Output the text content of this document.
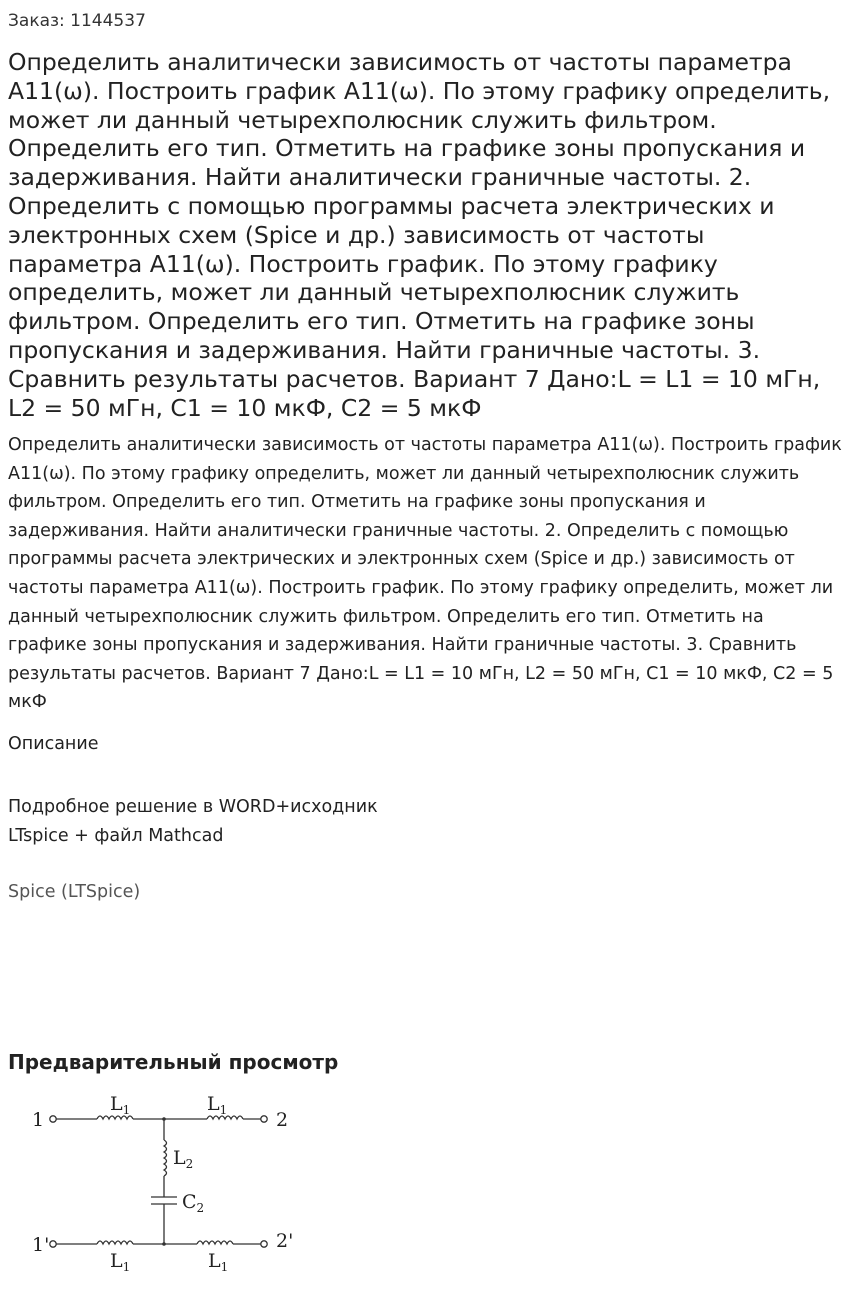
Заказ: 1144537
Определить аналитически зависимость от частоты параметра A11(ω). Построить график A11(ω). По этому графику определить, может ли данный четырехполюсник служить фильтром. Определить его тип. Отметить на графике зоны пропускания и задерживания. Найти аналитически граничные частоты. 2. Определить с помощью программы расчета электрических и электронных схем (Spice и др.) зависимость от частоты параметра A11(ω). Построить график. По этому графику определить, может ли данный четырехполюсник служить фильтром. Определить его тип. Отметить на графике зоны пропускания и задерживания. Найти граничные частоты. 3. Сравнить результаты расчетов. Вариант 7 Дано:L = L1 = 10 мГн, L2 = 50 мГн, C1 = 10 мкФ, C2 = 5 мкФ
Определить аналитически зависимость от частоты параметра A11(ω). Построить график A11(ω). По этому графику определить, может ли данный четырехполюсник служить фильтром. Определить его тип. Отметить на графике зоны пропускания и задерживания. Найти аналитически граничные частоты. 2. Определить с помощью программы расчета электрических и электронных схем (Spice и др.) зависимость от частоты параметра A11(ω). Построить график. По этому графику определить, может ли данный четырехполюсник служить фильтром. Определить его тип. Отметить на графике зоны пропускания и задерживания. Найти граничные частоты. 3. Сравнить результаты расчетов. Вариант 7 Дано:L = L1 = 10 мГн, L2 = 50 мГн, C1 = 10 мкФ, C2 = 5 мкФ
Описание
Подробное решение в WORD+исходник
LTspice + файл Mathcad
Spice (LTSpice)
Предварительный просмотр
1	2
1'	2'
$L_1$	$L_1$
$L_2$
$C_2$
$L_1$	$L_1$
